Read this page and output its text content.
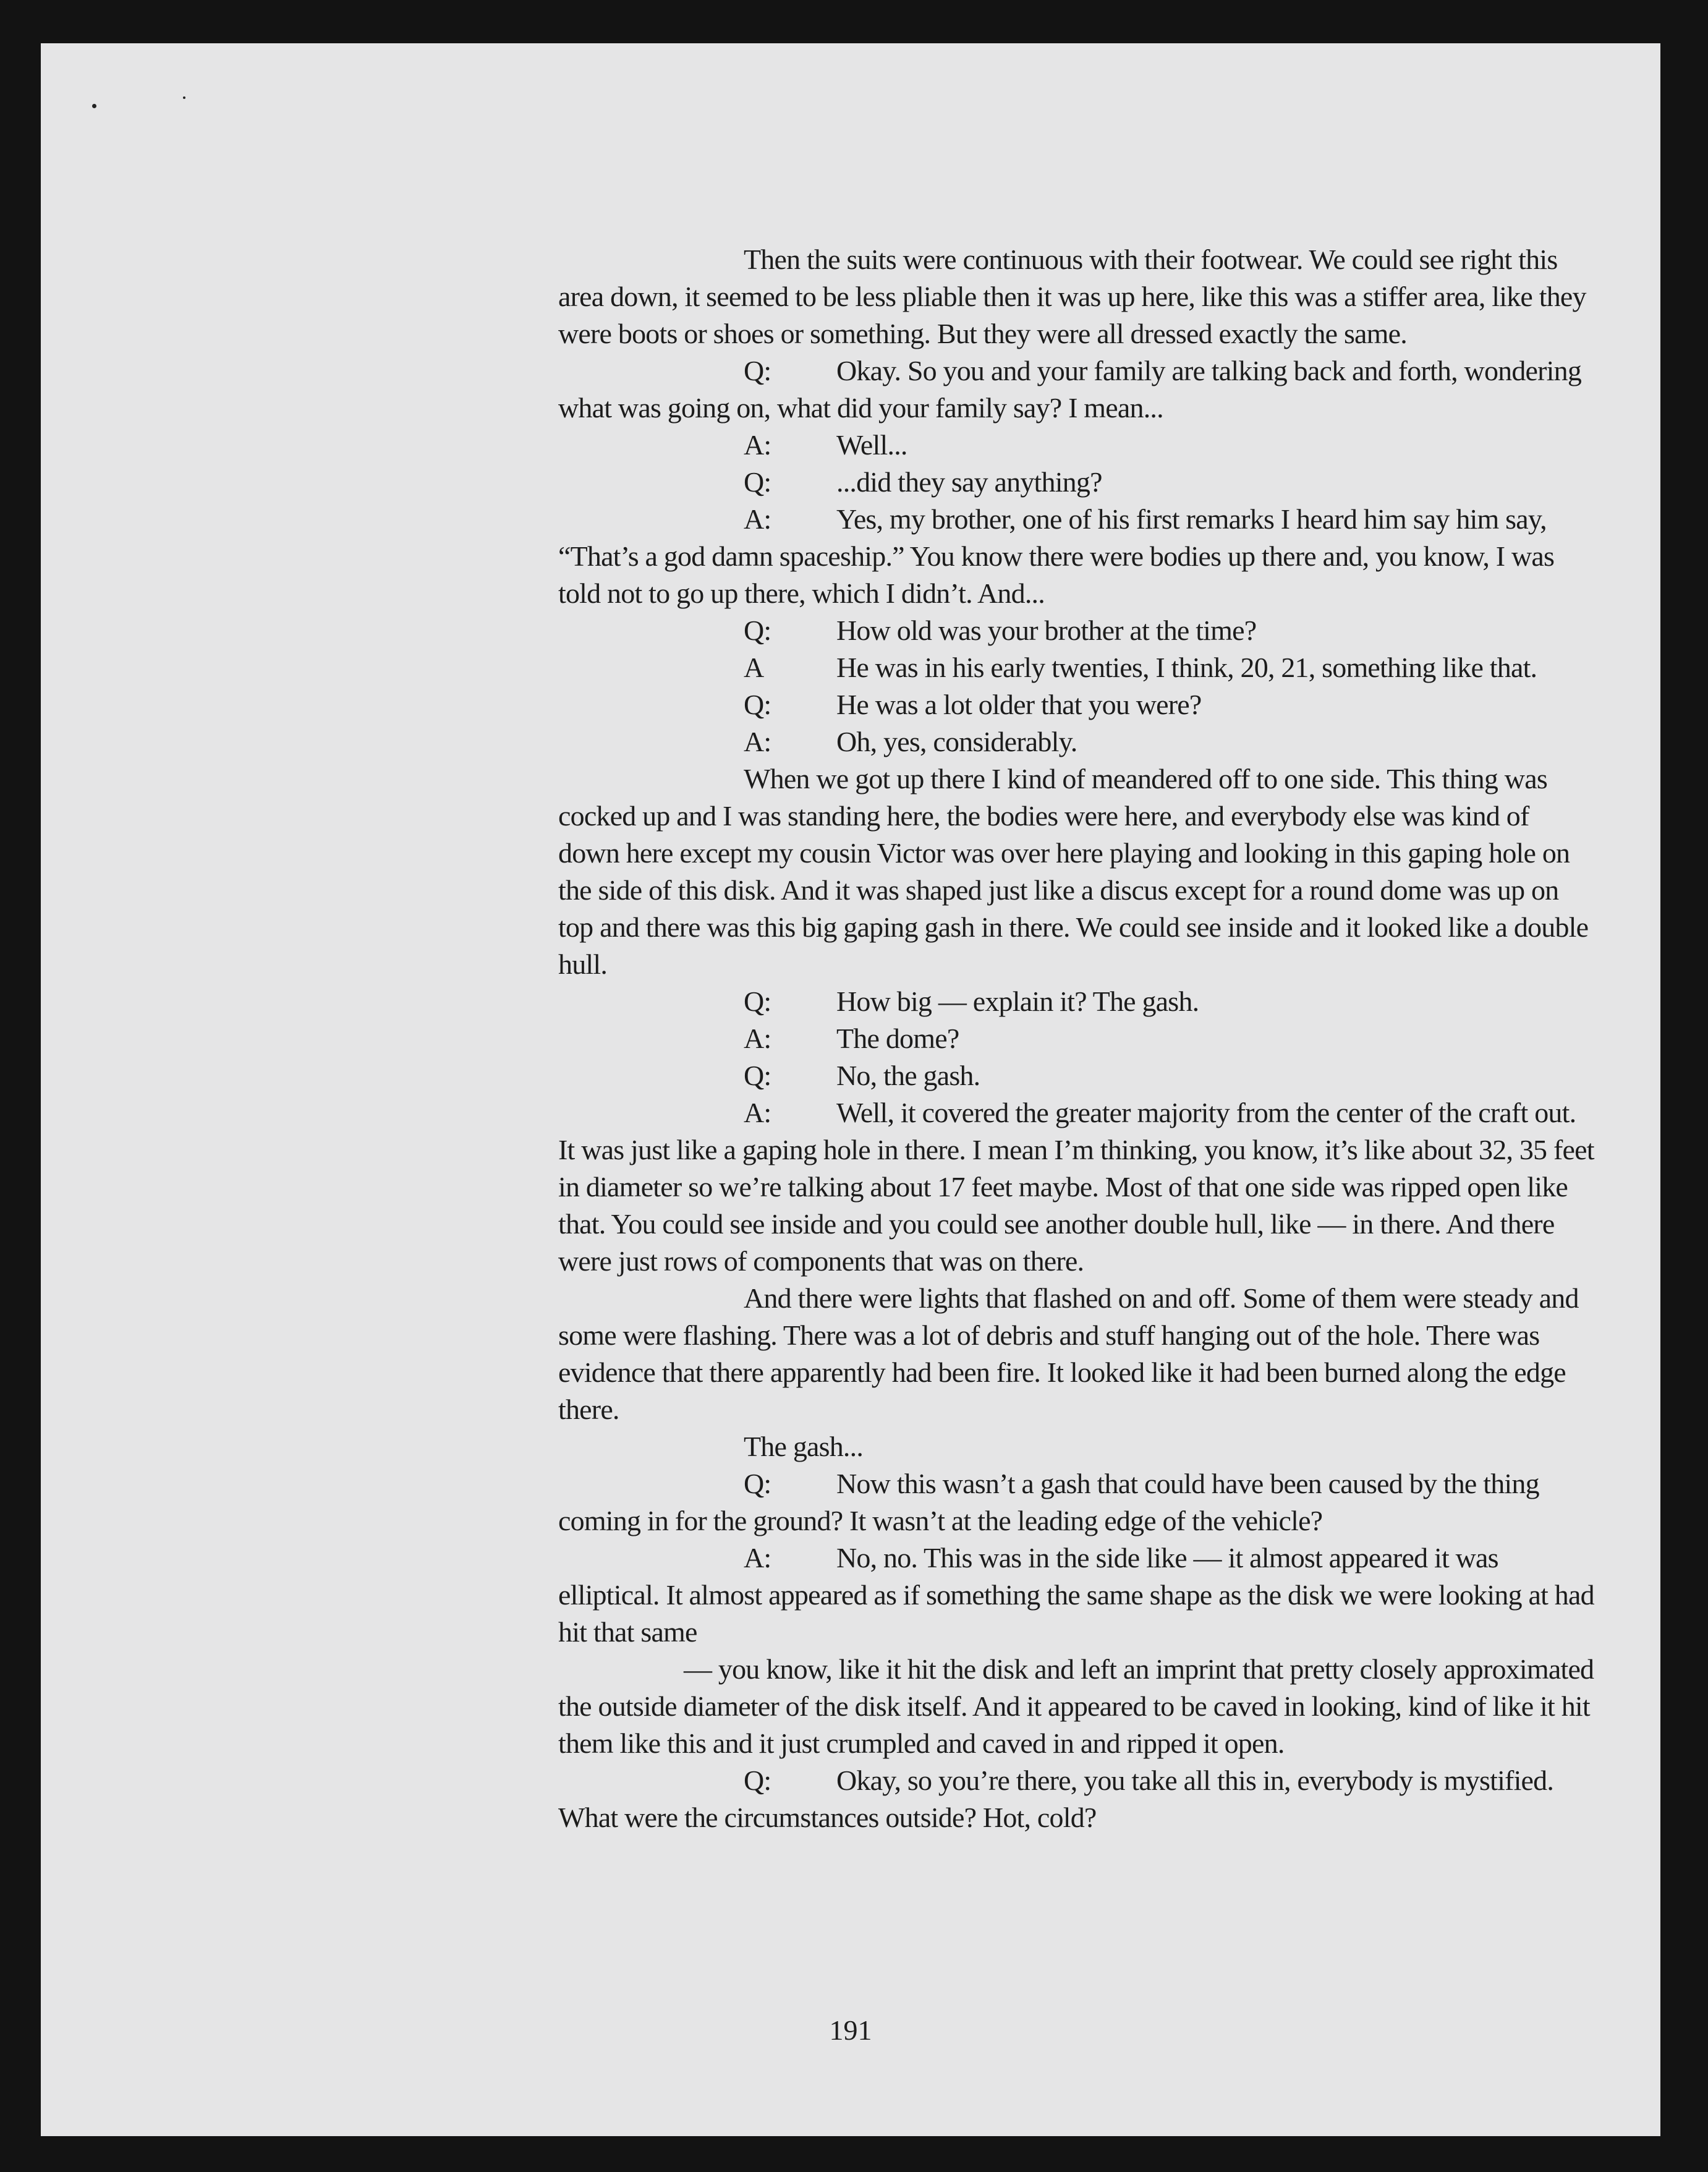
Then the suits were continuous with their footwear. We could see right this area down, it seemed to be less pliable then it was up here, like this was a stiffer area, like they were boots or shoes or something. But they were all dressed exactly the same.

Q: Okay. So you and your family are talking back and forth, wondering what was going on, what did your family say? I mean...

A: Well...

Q: ...did they say anything?

A: Yes, my brother, one of his first remarks I heard him say him say, “That’s a god damn spaceship.” You know there were bodies up there and, you know, I was told not to go up there, which I didn’t. And...

Q: How old was your brother at the time?

A	He was in his early twenties, I think, 20, 21, something like that.

Q: He was a lot older that you were?

A: Oh, yes, considerably.

When we got up there I kind of meandered off to one side. This thing was cocked up and I was standing here, the bodies were here, and everybody else was kind of down here except my cousin Victor was over here playing and looking in this gaping hole on the side of this disk. And it was shaped just like a discus except for a round dome was up on top and there was this big gaping gash in there. We could see inside and it looked like a double hull.

Q: How big — explain it? The gash.

A: The dome?

Q: No, the gash.

A: Well, it covered the greater majority from the center of the craft out. It was just like a gaping hole in there. I mean I’m thinking, you know, it’s like about 32, 35 feet in diameter so we’re talking about 17 feet maybe. Most of that one side was ripped open like that. You could see inside and you could see another double hull, like — in there. And there were just rows of components that was on there.

And there were lights that flashed on and off. Some of them were steady and some were flashing. There was a lot of debris and stuff hanging out of the hole. There was evidence that there apparently had been fire. It looked like it had been burned along the edge there.

The gash...

Q: Now this wasn’t a gash that could have been caused by the thing coming in for the ground? It wasn’t at the leading edge of the vehicle?

A: No, no. This was in the side like — it almost appeared it was elliptical. It almost appeared as if something the same shape as the disk we were looking at had hit that same

— you know, like it hit the disk and left an imprint that pretty closely approximated the outside diameter of the disk itself. And it appeared to be caved in looking, kind of like it hit them like this and it just crumpled and caved in and ripped it open.

Q: Okay, so you’re there, you take all this in, everybody is mystified. What were the circumstances outside? Hot, cold?

191
